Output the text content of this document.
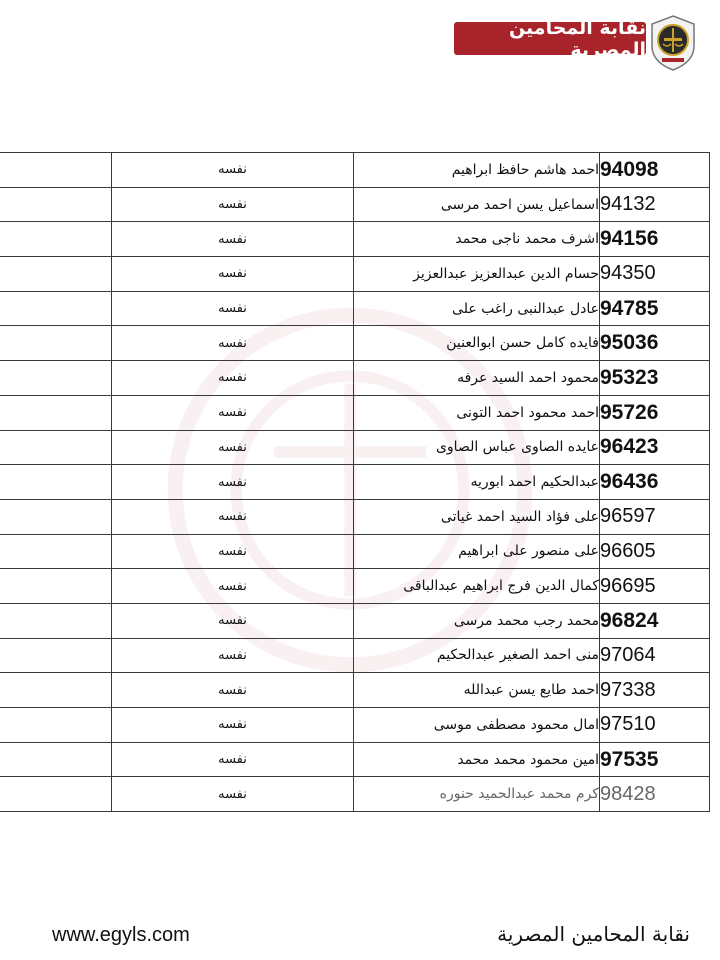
نقابة المحامين المصرية
	نفسه	احمد هاشم حافظ ابراهيم	94098
	نفسه	اسماعيل يسن احمد مرسى	94132
	نفسه	اشرف محمد ناجى محمد	94156
	نفسه	حسام الدين عبدالعزيز عبدالعزيز	94350
	نفسه	عادل عبدالنبى راغب على	94785
	نفسه	فايده كامل حسن ابوالعنين	95036
	نفسه	محمود احمد السيد عرفه	95323
	نفسه	احمد محمود احمد التونى	95726
	نفسه	عايده الصاوى عباس الصاوى	96423
	نفسه	عبدالحكيم احمد ابوريه	96436
	نفسه	على فؤاد السيد احمد غياتى	96597
	نفسه	على منصور على ابراهيم	96605
	نفسه	كمال الدين فرج ابراهيم عبدالباقى	96695
	نفسه	محمد رجب محمد مرسى	96824
	نفسه	منى احمد الصغير عبدالحكيم	97064
	نفسه	احمد طايع يسن عبدالله	97338
	نفسه	امال محمود مصطفى موسى	97510
	نفسه	امين محمود محمد محمد	97535
	نفسه	كرم محمد عبدالحميد حنوره	98428
www.egyls.com	نقابة المحامين المصرية
